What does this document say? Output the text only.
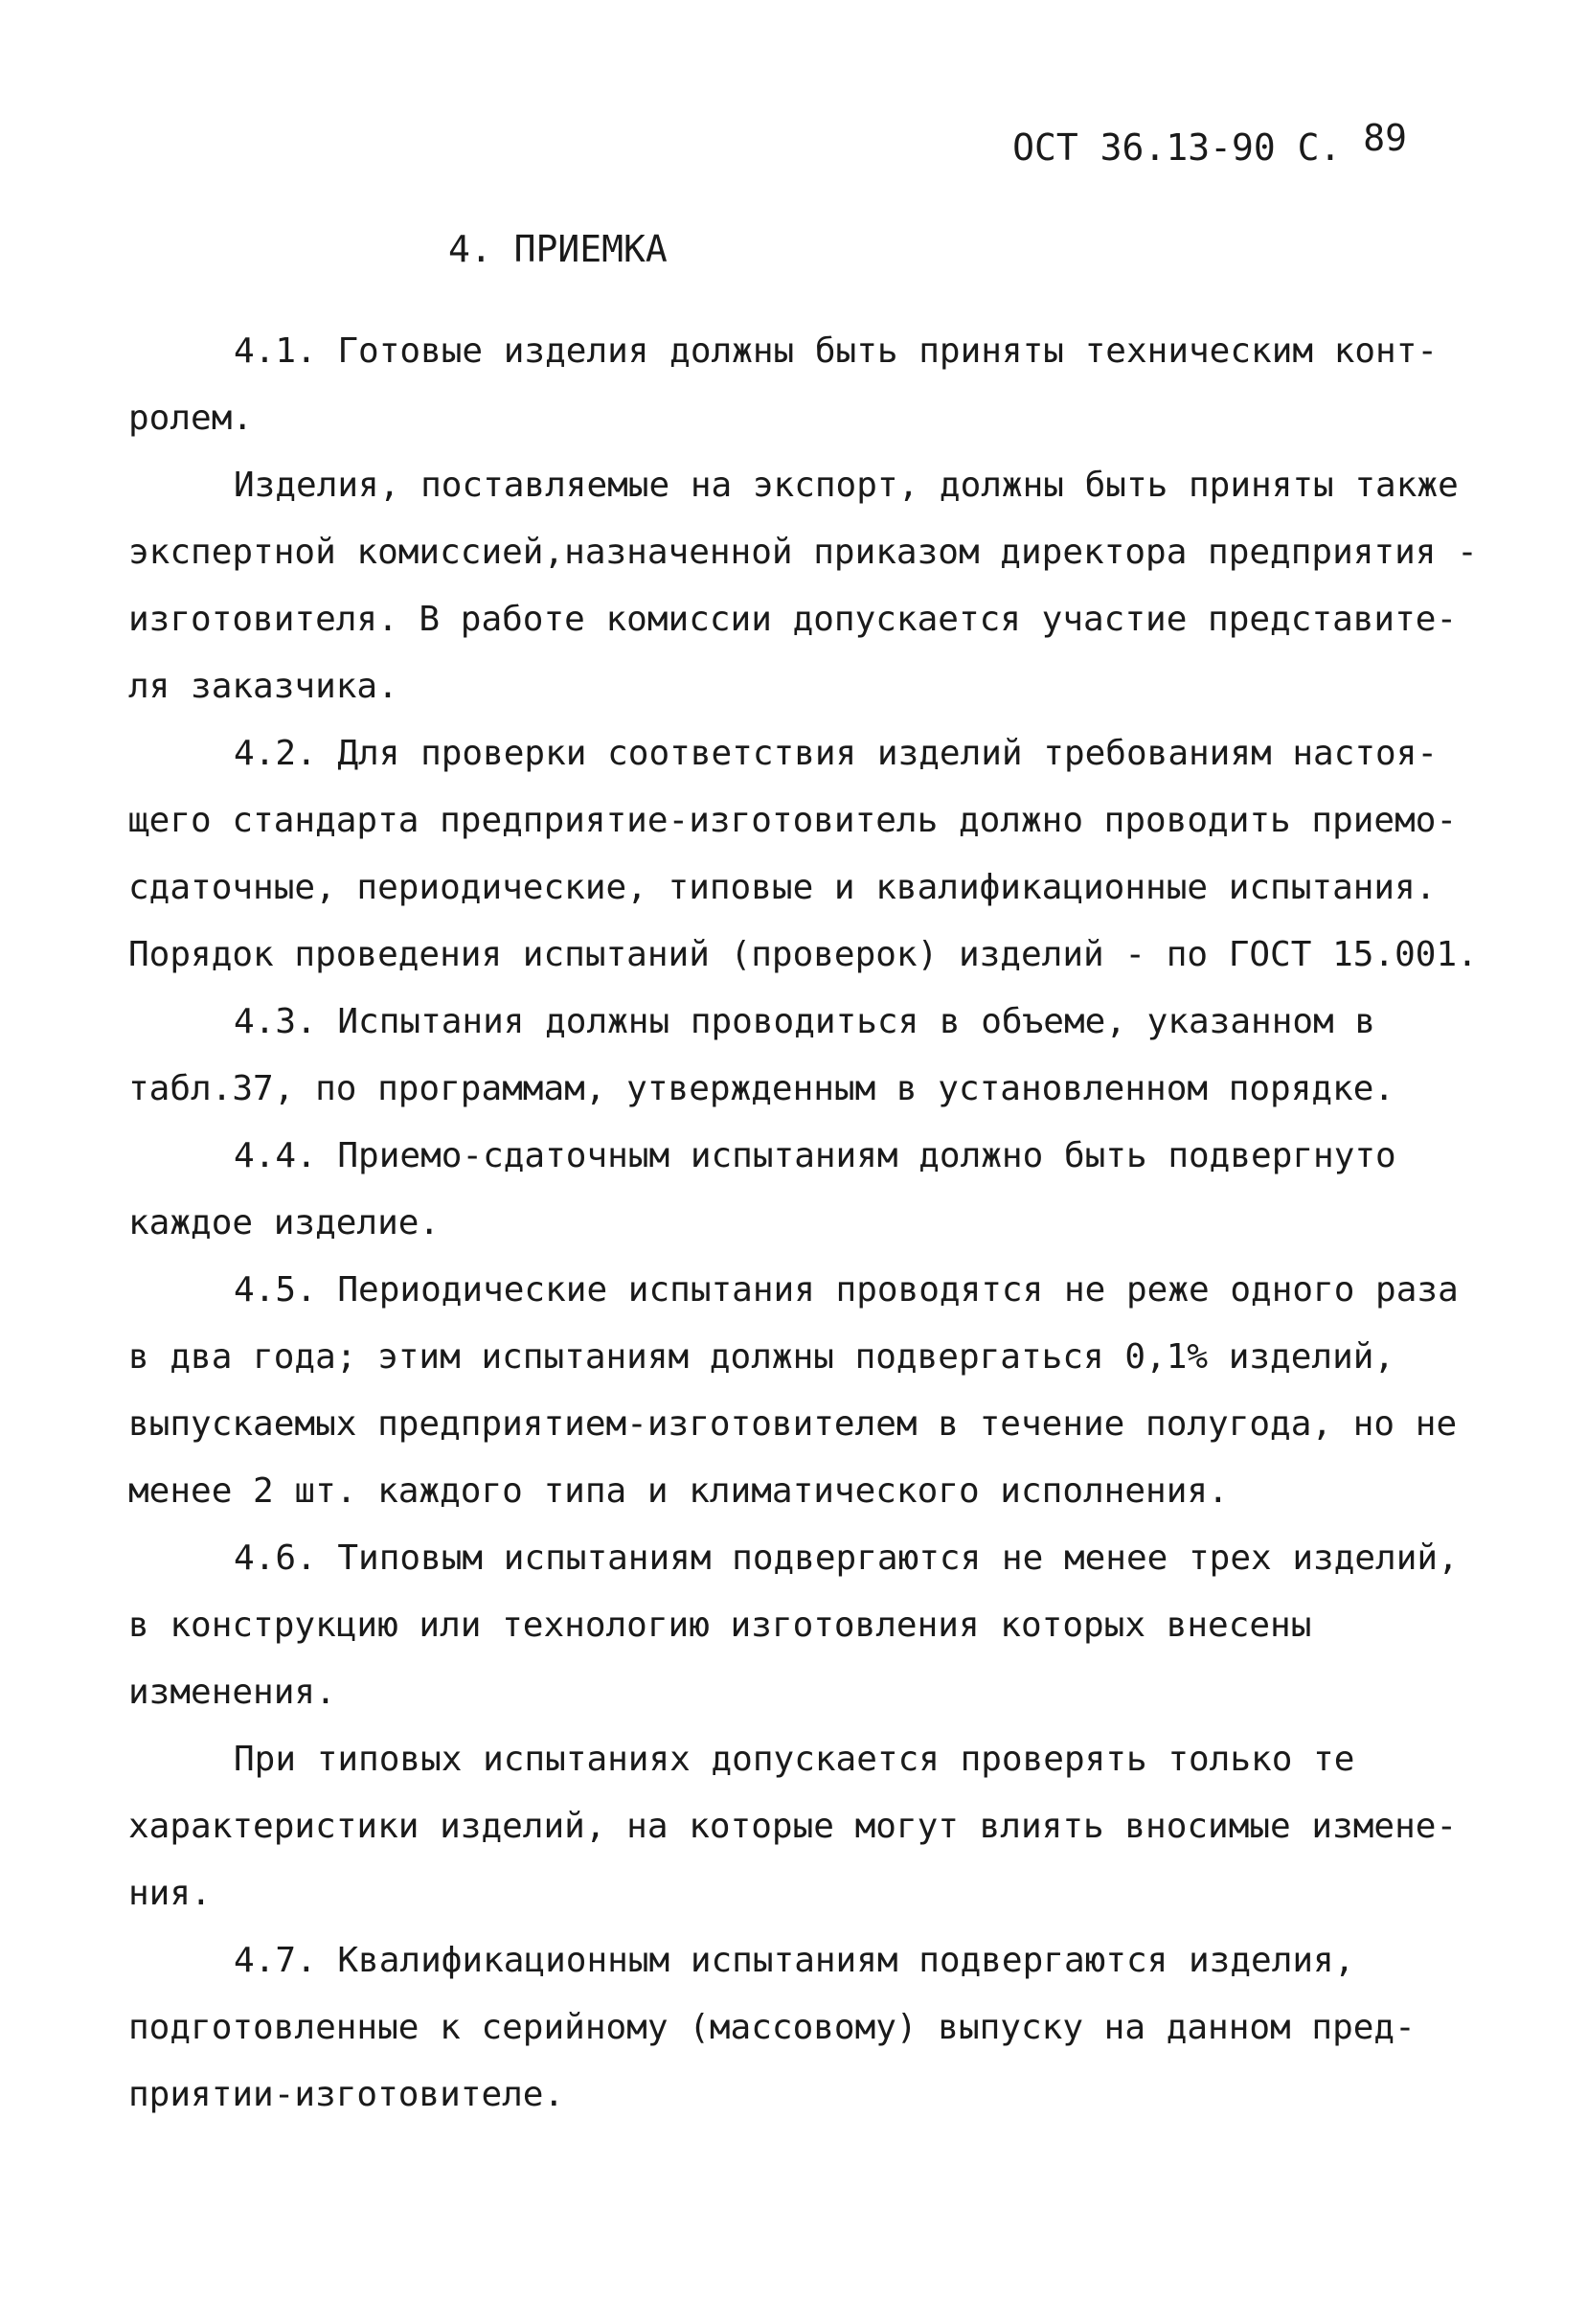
ОСТ 36.13-90 С. 89
4. ПРИЕМКА
4.1. Готовые изделия должны быть приняты техническим конт-
ролем.
Изделия, поставляемые на экспорт, должны быть приняты также
экспертной комиссией,назначенной приказом директора предприятия -
изготовителя. В работе комиссии допускается участие представите-
ля заказчика.
4.2. Для проверки соответствия изделий требованиям настоя-
щего стандарта предприятие-изготовитель должно проводить приемо-
сдаточные, периодические, типовые и квалификационные испытания.
Порядок проведения испытаний (проверок) изделий - по ГОСТ 15.001.
4.3. Испытания должны проводиться в объеме, указанном в
табл.37, по программам, утвержденным в установленном порядке.
4.4. Приемо-сдаточным испытаниям должно быть подвергнуто
каждое изделие.
4.5. Периодические испытания проводятся не реже одного раза
в два года; этим испытаниям должны подвергаться 0,1% изделий,
выпускаемых предприятием-изготовителем в течение полугода, но не
менее 2 шт. каждого типа и климатического исполнения.
4.6. Типовым испытаниям подвергаются не менее трех изделий,
в конструкцию или технологию изготовления которых внесены
изменения.
При типовых испытаниях допускается проверять только те
характеристики изделий, на которые могут влиять вносимые измене-
ния.
4.7. Квалификационным испытаниям подвергаются изделия,
подготовленные к серийному (массовому) выпуску на данном пред-
приятии-изготовителе.
